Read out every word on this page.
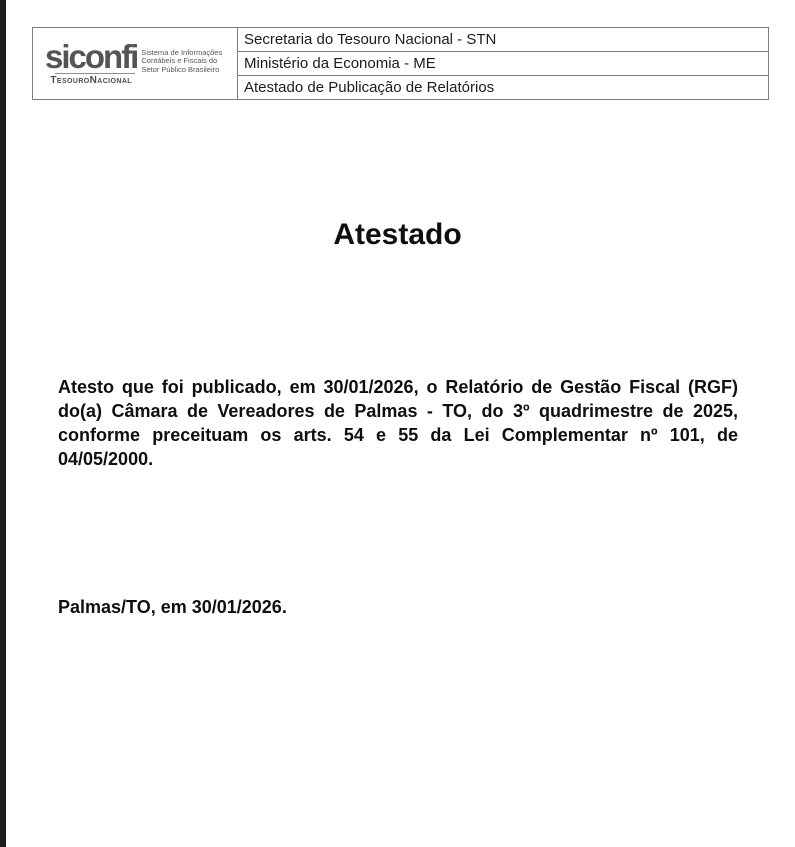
siconfi
TesouroNacional
Sistema de Informações
Contábeis e Fiscais do
Setor Público Brasileiro
	Secretaria do Tesouro Nacional - STN
Ministério da Economia - ME
Atestado de Publicação de Relatórios
Atestado
Atesto que foi publicado, em 30/01/2026, o Relatório de Gestão Fiscal (RGF) do(a) Câmara de Vereadores de Palmas - TO, do 3º quadrimestre de 2025, conforme preceituam os arts. 54 e 55 da Lei Complementar nº 101, de 04/05/2000.
Palmas/TO, em 30/01/2026.
